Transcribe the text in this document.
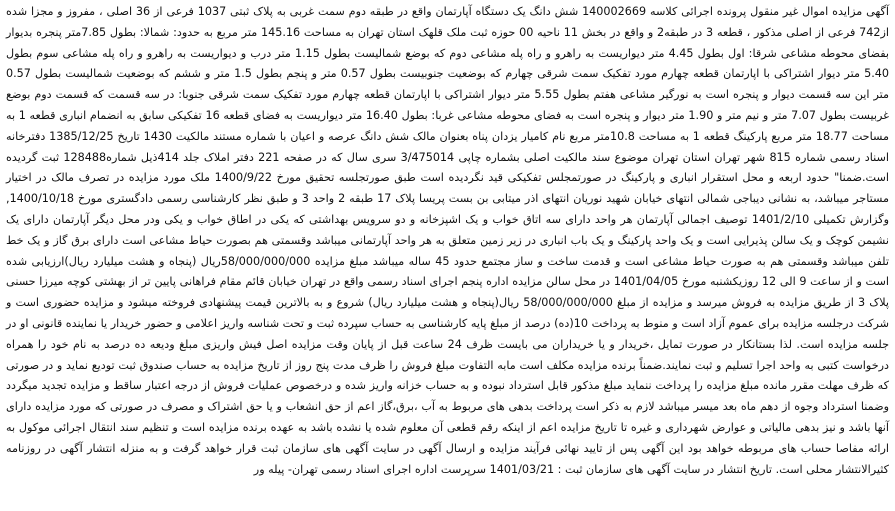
آگهی مزایده اموال غیر منقول پرونده اجرائی کلاسه 140002669 شش دانگ یک دستگاه آپارتمان واقع در طبقه دوم سمت غربی به پلاک ثبتی 1037 فرعی از 36 اصلی ، مفروز و مجزا شده از742 فرعی از اصلی مذکور ، قطعه 3 در طبقه2 و واقع در بخش 11 ناحیه 00 حوزه ثبت ملک قلهک استان تهران به مساحت 145.16 متر مربع به حدود: شمالا: بطول 7.85متر پنجره بدیوار بفضای محوطه مشاعی شرقا: اول بطول 4.45 متر دیواریست به راهرو و راه پله مشاعی دوم که بوضع شمالیست بطول 1.15 متر درب و دیواریست به راهرو و راه پله مشاعی سوم بطول 5.40 متر دیوار اشتراکی با اپارتمان قطعه چهارم مورد تفکیک سمت شرقی چهارم که بوضعیت جنوبیست بطول 0.57 متر و پنجم بطول 1.5 متر و ششم که بوضعیت شمالیست بطول 0.57 متر این سه قسمت دیوار و پنجره است به نورگیر مشاعی هفتم بطول 5.55 متر دیوار اشتراکی با اپارتمان قطعه چهارم مورد تفکیک سمت شرقی جنوبا: در سه قسمت که قسمت دوم بوضع غربیست بطول 7.07 متر و نیم متر و 1.90 متر دیوار و پنجره است به فضای محوطه مشاعی غربا: بطول 16.40 متر دیواریست به فضای قطعه 16 تفکیکی سابق به انضمام انباری قطعه 1 به مساحت 18.77 متر مربع پارکینگ قطعه 1 به مساحت 10.8متر مربع نام کامیار یزدان پناه بعنوان مالک شش دانگ عرصه و اعیان با شماره مستند مالکیت 1430 تاریخ 1385/12/25 دفترخانه اسناد رسمی شماره 815 شهر تهران استان تهران موضوع سند مالکیت اصلی بشماره چاپی 3/475014 سری سال که در صفحه 221 دفتر املاک جلد 414ذیل شماره128488 ثبت گردیده است.ضمنا" حدود اربعه و محل استقرار انباری و پارکینگ در صورتمجلس تفکیکی قید نگردیده است طبق صورتجلسه تحقیق مورخ 1400/9/22 ملک مورد مزایده در تصرف مالک در اختیار مستاجر میباشد، به نشانی دیباجی شمالی انتهای خیابان شهید نوریان انتهای اذر میتابی بن بست پریسا پلاک 17 طبقه 2 واحد 3 و طبق نظر کارشناسی رسمی دادگستری مورخ 1400/10/18, وگزارش تکمیلی 1401/2/10 توصیف اجمالی آپارتمان هر واحد دارای سه اتاق خواب و یک اشپزخانه و دو سرویس بهداشتی که یکی در اطاق خواب و یکی ودر محل دیگر آپارتمان دارای یک نشیمن کوچک و یک سالن پذیرایی است و یک واحد پارکینگ و یک باب انباری در زیر زمین متعلق به هر واحد آپارتمانی میباشد وقسمتی هم بصورت حیاط مشاعی است دارای برق گاز و یک خط تلفن میباشد وقسمتی هم به صورت حیاط مشاعی است و قدمت ساخت و ساز مجتمع حدود 45 ساله میباشد مبلغ مزایده 58/000/000/000ریال (پنجاه و هشت میلیارد ریال)ارزیابی شده است و از ساعت 9 الی 12 روزیکشنبه مورخ 1401/04/05 در محل سالن مزایده اداره پنجم اجرای اسناد رسمی واقع در تهران خیابان قائم مقام فراهانی پایین تر از بهشتی کوچه میرزا حسنی پلاک 3 از طریق مزایده به فروش میرسد و مزایده از مبلغ 58/000/000/000 ریال(پنجاه و هشت میلیارد ریال) شروع و به بالاترین قیمت پیشنهادی فروخته میشود و مزایده حضوری است و شرکت درجلسه مزایده برای عموم آزاد است و منوط به پرداخت 10(ده) درصد از مبلغ پایه کارشناسی به حساب سپرده ثبت و تحت شناسه واریز اعلامی و حضور خریدار یا نماینده قانونی او در جلسه مزایده است. لذا بستانکار در صورت تمایل ،خریدار و یا خریداران می بایست ظرف 24 ساعت قبل از پایان وقت مزایده اصل فیش واریزی مبلغ ودیعه ده درصد به نام خود را همراه درخواست کتبی به واحد اجرا تسلیم و ثبت نمایند.ضمناً برنده مزایده مکلف است مابه التفاوت مبلغ فروش را ظرف مدت پنج روز از تاریخ مزایده به حساب صندوق ثبت تودیع نماید و در صورتی که ظرف مهلت مقرر مانده مبلغ مزایده را پرداخت ننماید مبلغ مذکور قابل استرداد نبوده و به حساب خزانه واریز شده و درخصوص عملیات فروش از درجه اعتبار ساقط و مزایده تجدید میگردد وضمنا استرداد وجوه از دهم ماه بعد میسر میباشد لازم به ذکر است پرداخت بدهی های مربوط به آب ،برق،گاز اعم از حق انشعاب و یا حق اشتراک و مصرف در صورتی که مورد مزایده دارای آنها باشد و نیز بدهی مالیاتی و عوارض شهرداری و غیره تا تاریخ مزایده اعم از اینکه رقم قطعی آن معلوم شده یا نشده باشد به عهده برنده مزایده است و تنظیم سند انتقال اجرائی موکول به ارائه مفاصا حساب های مربوطه خواهد بود این آگهی پس از تایید نهائی فرآیند مزایده و ارسال آگهی در سایت آگهی های سازمان ثبت قرار خواهد گرفت و به منزله انتشار آگهی در روزنامه کثیرالانتشار محلی است. تاریخ انتشار در سایت آگهی های سازمان ثبت : 1401/03/21 سرپرست اداره اجرای اسناد رسمی تهران- پیله ور
